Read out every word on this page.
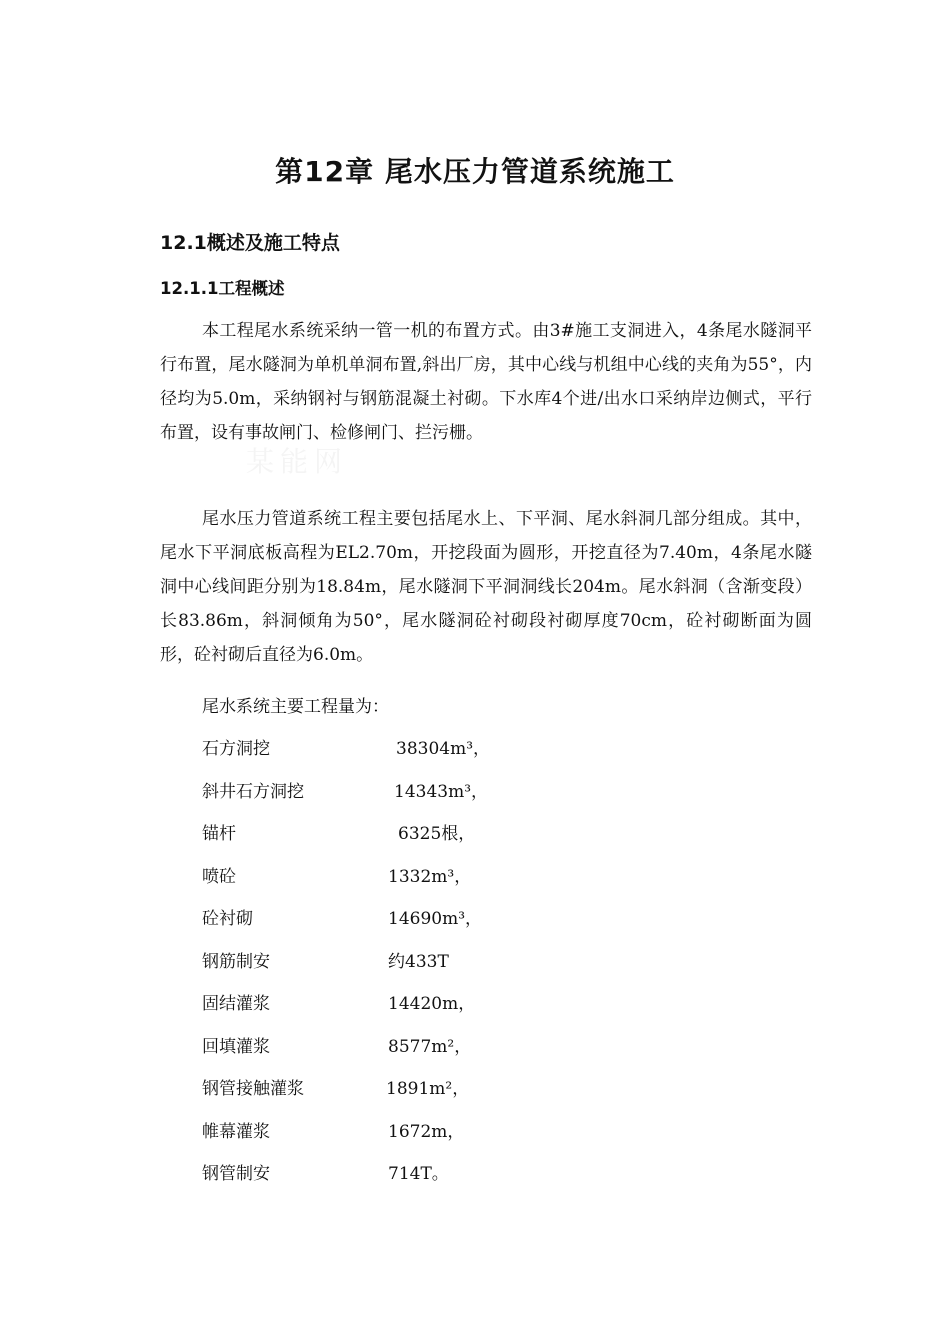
某能网
第12章 尾水压力管道系统施工
12.1概述及施工特点
12.1.1工程概述

本工程尾水系统采纳一管一机的布置方式。由3#施工支洞进入，4条尾水隧洞平行布置，尾水隧洞为单机单洞布置,斜出厂房，其中心线与机组中心线的夹角为55°，内径均为5.0m，采纳钢衬与钢筋混凝土衬砌。下水库4个进/出水口采纳岸边侧式，平行布置，设有事故闸门、检修闸门、拦污栅。

尾水压力管道系统工程主要包括尾水上、下平洞、尾水斜洞几部分组成。其中，尾水下平洞底板高程为EL2.70m，开挖段面为圆形，开挖直径为7.40m，4条尾水隧洞中心线间距分别为18.84m，尾水隧洞下平洞洞线长204m。尾水斜洞（含渐变段）长83.86m，斜洞倾角为50°，尾水隧洞砼衬砌段衬砌厚度70cm，砼衬砌断面为圆形，砼衬砌后直径为6.0m。

尾水系统主要工程量为：

石方洞挖	38304m³，
斜井石方洞挖	14343m³，
锚杆	6325根，
喷砼	1332m³，
砼衬砌	14690m³，
钢筋制安	约433T
固结灌浆	14420m，
回填灌浆	8577m²，
钢管接触灌浆	1891m²，
帷幕灌浆	1672m，
钢管制安	714T。
